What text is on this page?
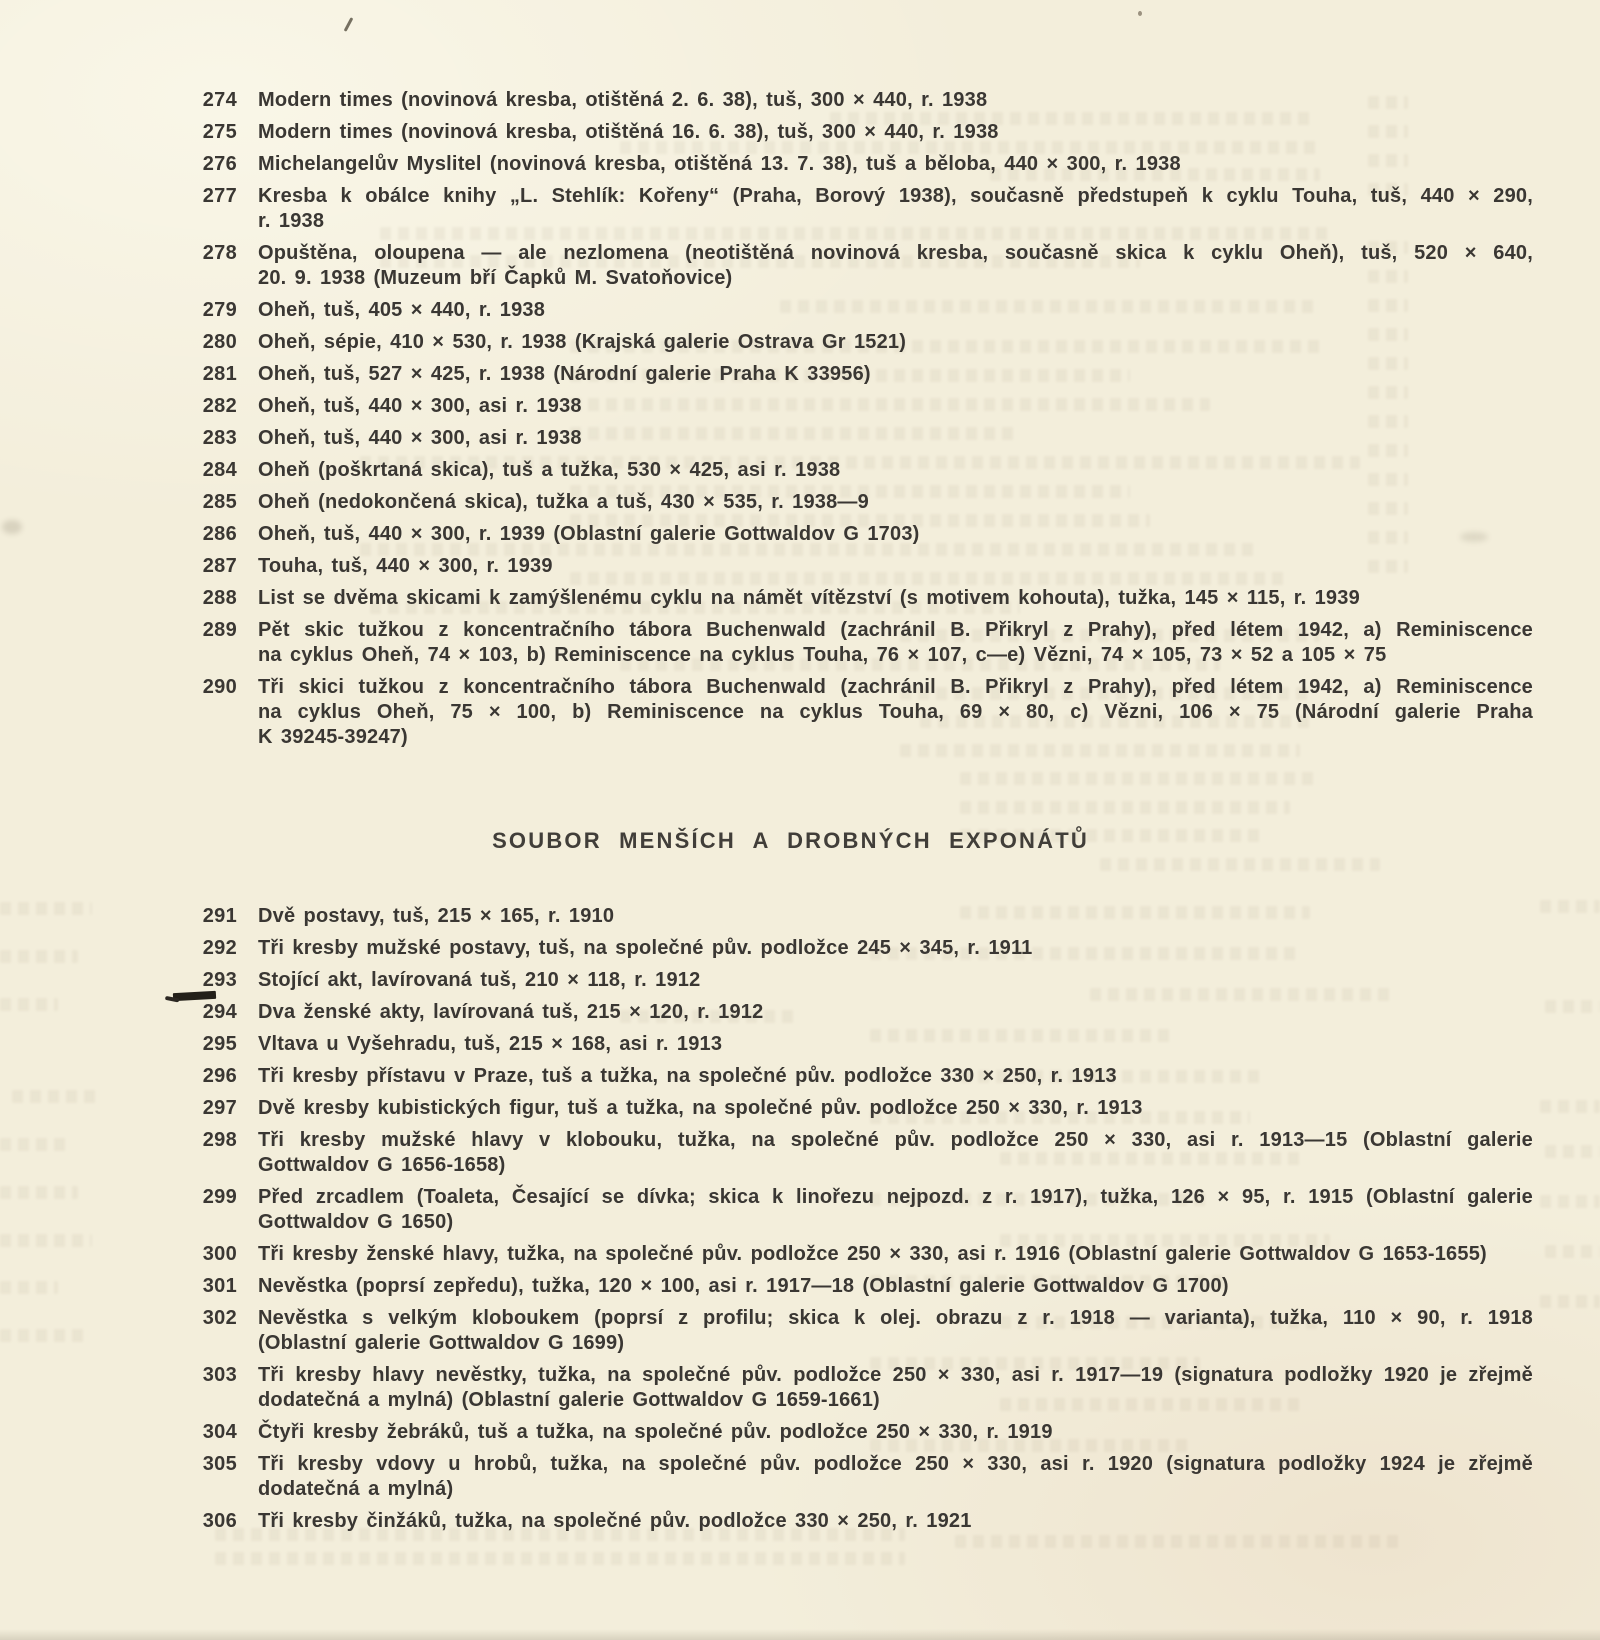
274 Modern times (novinová kresba, otištěná 2. 6. 38), tuš, 300 × 440, r. 1938
275 Modern times (novinová kresba, otištěná 16. 6. 38), tuš, 300 × 440, r. 1938
276 Michelangelův Myslitel (novinová kresba, otištěná 13. 7. 38), tuš a běloba, 440 × 300, r. 1938
277 Kresba k obálce knihy „L. Stehlík: Kořeny“ (Praha, Borový 1938), současně předstupeň k cyklu Touha, tuš, 440 × 290,
r. 1938
278 Opuštěna, oloupena — ale nezlomena (neotištěná novinová kresba, současně skica k cyklu Oheň), tuš, 520 × 640,
20. 9. 1938 (Muzeum bří Čapků M. Svatoňovice)
279 Oheň, tuš, 405 × 440, r. 1938
280 Oheň, sépie, 410 × 530, r. 1938 (Krajská galerie Ostrava Gr 1521)
281 Oheň, tuš, 527 × 425, r. 1938 (Národní galerie Praha K 33956)
282 Oheň, tuš, 440 × 300, asi r. 1938
283 Oheň, tuš, 440 × 300, asi r. 1938
284 Oheň (poškrtaná skica), tuš a tužka, 530 × 425, asi r. 1938
285 Oheň (nedokončená skica), tužka a tuš, 430 × 535, r. 1938—9
286 Oheň, tuš, 440 × 300, r. 1939 (Oblastní galerie Gottwaldov G 1703)
287 Touha, tuš, 440 × 300, r. 1939
288 List se dvěma skicami k zamýšlenému cyklu na námět vítězství (s motivem kohouta), tužka, 145 × 115, r. 1939
289 Pět skic tužkou z koncentračního tábora Buchenwald (zachránil B. Přikryl z Prahy), před létem 1942, a) Reminiscence
na cyklus Oheň, 74 × 103, b) Reminiscence na cyklus Touha, 76 × 107, c—e) Vězni, 74 × 105, 73 × 52 a 105 × 75
290 Tři skici tužkou z koncentračního tábora Buchenwald (zachránil B. Přikryl z Prahy), před létem 1942, a) Reminiscence
na cyklus Oheň, 75 × 100, b) Reminiscence na cyklus Touha, 69 × 80, c) Vězni, 106 × 75 (Národní galerie Praha
K 39245-39247)
SOUBOR MENŠÍCH A DROBNÝCH EXPONÁTŮ
291 Dvě postavy, tuš, 215 × 165, r. 1910
292 Tři kresby mužské postavy, tuš, na společné pův. podložce 245 × 345, r. 1911
293 Stojící akt, lavírovaná tuš, 210 × 118, r. 1912
294 Dva ženské akty, lavírovaná tuš, 215 × 120, r. 1912
295 Vltava u Vyšehradu, tuš, 215 × 168, asi r. 1913
296 Tři kresby přístavu v Praze, tuš a tužka, na společné pův. podložce 330 × 250, r. 1913
297 Dvě kresby kubistických figur, tuš a tužka, na společné pův. podložce 250 × 330, r. 1913
298 Tři kresby mužské hlavy v klobouku, tužka, na společné pův. podložce 250 × 330, asi r. 1913—15 (Oblastní galerie
Gottwaldov G 1656-1658)
299 Před zrcadlem (Toaleta, Česající se dívka; skica k linořezu nejpozd. z r. 1917), tužka, 126 × 95, r. 1915 (Oblastní galerie
Gottwaldov G 1650)
300 Tři kresby ženské hlavy, tužka, na společné pův. podložce 250 × 330, asi r. 1916 (Oblastní galerie Gottwaldov G 1653-1655)
301 Nevěstka (poprsí zepředu), tužka, 120 × 100, asi r. 1917—18 (Oblastní galerie Gottwaldov G 1700)
302 Nevěstka s velkým kloboukem (poprsí z profilu; skica k olej. obrazu z r. 1918 — varianta), tužka, 110 × 90, r. 1918
(Oblastní galerie Gottwaldov G 1699)
303 Tři kresby hlavy nevěstky, tužka, na společné pův. podložce 250 × 330, asi r. 1917—19 (signatura podložky 1920 je zřejmě
dodatečná a mylná) (Oblastní galerie Gottwaldov G 1659-1661)
304 Čtyři kresby žebráků, tuš a tužka, na společné pův. podložce 250 × 330, r. 1919
305 Tři kresby vdovy u hrobů, tužka, na společné pův. podložce 250 × 330, asi r. 1920 (signatura podložky 1924 je zřejmě
dodatečná a mylná)
306 Tři kresby činžáků, tužka, na společné pův. podložce 330 × 250, r. 1921
